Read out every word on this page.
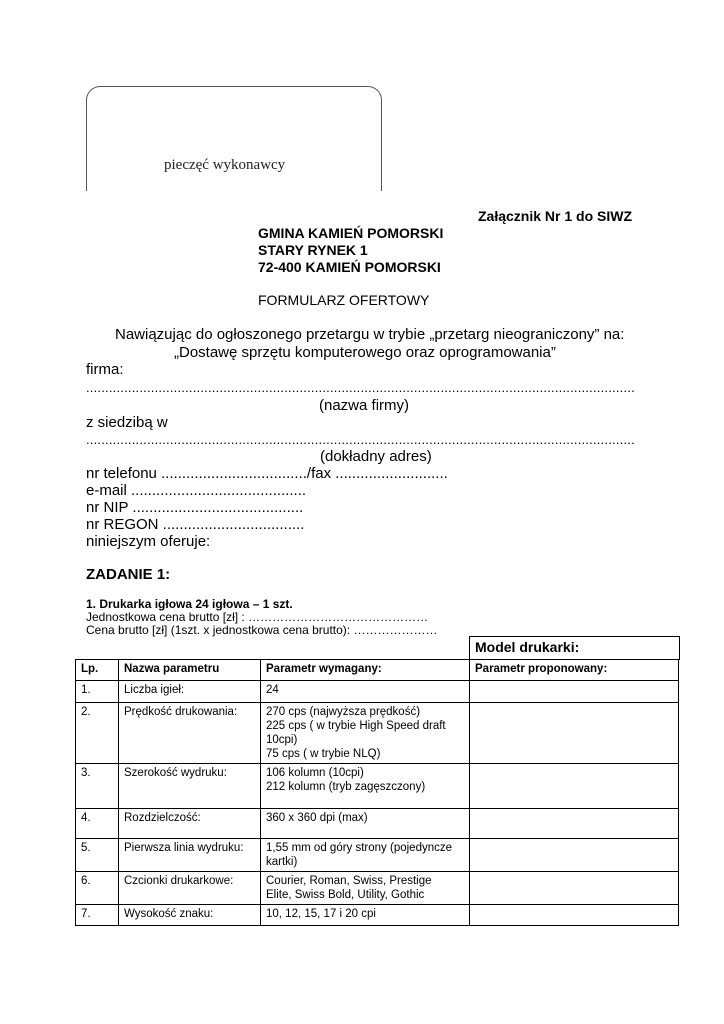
pieczęć wykonawcy
Załącznik Nr 1 do SIWZ
GMINA KAMIEŃ POMORSKI
STARY RYNEK 1
72-400 KAMIEŃ POMORSKI
FORMULARZ OFERTOWY
Nawiązując do ogłoszonego przetargu w trybie „przetarg nieograniczony” na:
„Dostawę sprzętu komputerowego oraz oprogramowania”
firma:
................................................................................................................................................
(nazwa firmy)
z siedzibą w
................................................................................................................................................
(dokładny adres)
nr telefonu .................................../fax ...........................
e-mail ..........................................
nr NIP .........................................
nr REGON ..................................
niniejszym oferuje:
ZADANIE 1:
1. Drukarka igłowa 24 igłowa – 1 szt.
Jednostkowa cena brutto [zł] : ………………………………………
Cena brutto [zł] (1szt. x jednostkowa cena brutto): …………………
Model drukarki:
Lp.	Nazwa parametru	Parametr wymagany:	Parametr proponowany:
1.	Liczba igieł:	24	

2.	Prędkość drukowania:	270 cps (najwyższa prędkość)
225 cps ( w trybie High Speed draft
10cpi)
75 cps ( w trybie NLQ)	

3.	Szerokość wydruku:	106 kolumn (10cpi)
212 kolumn (tryb zagęszczony)	

4.	Rozdzielczość:	360 x 360 dpi (max)	

5.	Pierwsza linia wydruku:	1,55 mm od góry strony (pojedyncze
kartki)	

6.	Czcionki drukarkowe:	Courier, Roman, Swiss, Prestige
Elite, Swiss Bold, Utility, Gothic	

7.	Wysokość znaku:	10, 12, 15, 17 i 20 cpi	
